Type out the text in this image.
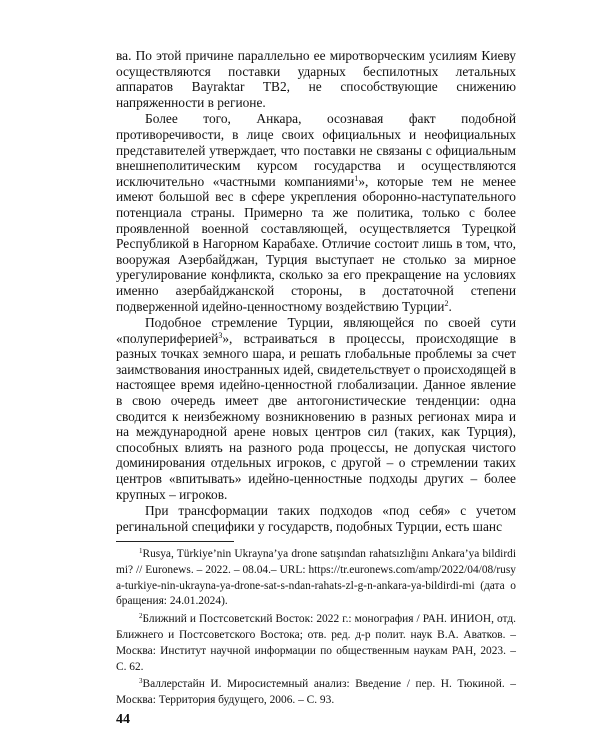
ва. По этой причине параллельно ее миротворческим усилиям Киеву осуществляются поставки ударных беспилотных летальных аппаратов Bayraktar TB2, не способствующие снижению напряженности в регионе.

Более того, Анкара, осознавая факт подобной противоречивости, в лице своих официальных и неофициальных представителей утверждает, что поставки не связаны с официальным внешнеполитическим курсом государства и осуществляются исключительно «частными компаниями$^1$», которые тем не менее имеют большой вес в сфере укрепления оборонно-наступательного потенциала страны. Примерно та же политика, только с более проявленной военной составляющей, осуществляется Турецкой Республикой в Нагорном Карабахе. Отличие состоит лишь в том, что, вооружая Азербайджан, Турция выступает не столько за мирное урегулирование конфликта, сколько за его прекращение на условиях именно азербайджанской стороны, в достаточной степени подверженной идейно-ценностному воздействию Турции$^2$.

Подобное стремление Турции, являющейся по своей сути «полупериферией$^3$», встраиваться в процессы, происходящие в разных точках земного шара, и решать глобальные проблемы за счет заимствования иностранных идей, свидетельствует о происходящей в настоящее время идейно-ценностной глобализации. Данное явление в свою очередь имеет две антогонистические тенденции: одна сводится к неизбежному возникновению в разных регионах мира и на международной арене новых центров сил (таких, как Турция), способных влиять на разного рода процессы, не допуская чистого доминирования отдельных игроков, с другой – о стремлении таких центров «впитывать» идейно-ценностные подходы других – более крупных – игроков.

При трансформации таких подходов «под себя» с учетом регинальной специфики у государств, подобных Турции, есть шанс

$^1$Rusya, Türkiye’nin Ukrayna’ya drone satışından rahatsızlığını Ankara’ya bildirdi mi? // Euronews. – 2022. – 08.04.– URL: https://tr.euronews.com/amp/2022/04/08/rusya-turkiye-nin-ukrayna-ya-drone-sat-s-ndan-rahats-zl-g-n-ankara-ya-bildirdi-mi (дата обращения: 24.01.2024).

$^2$Ближний и Постсоветский Восток: 2022 г.: монография / РАН. ИНИОН, отд. Ближнего и Постсоветского Востока; отв. ред. д-р полит. наук В.А. Аватков. – Москва: Институт научной информации по общественным наукам РАН, 2023. – С. 62.

$^3$Валлерстайн И. Миросистемный анализ: Введение / пер. Н. Тюкиной. – Москва: Территория будущего, 2006. – С. 93.

44
